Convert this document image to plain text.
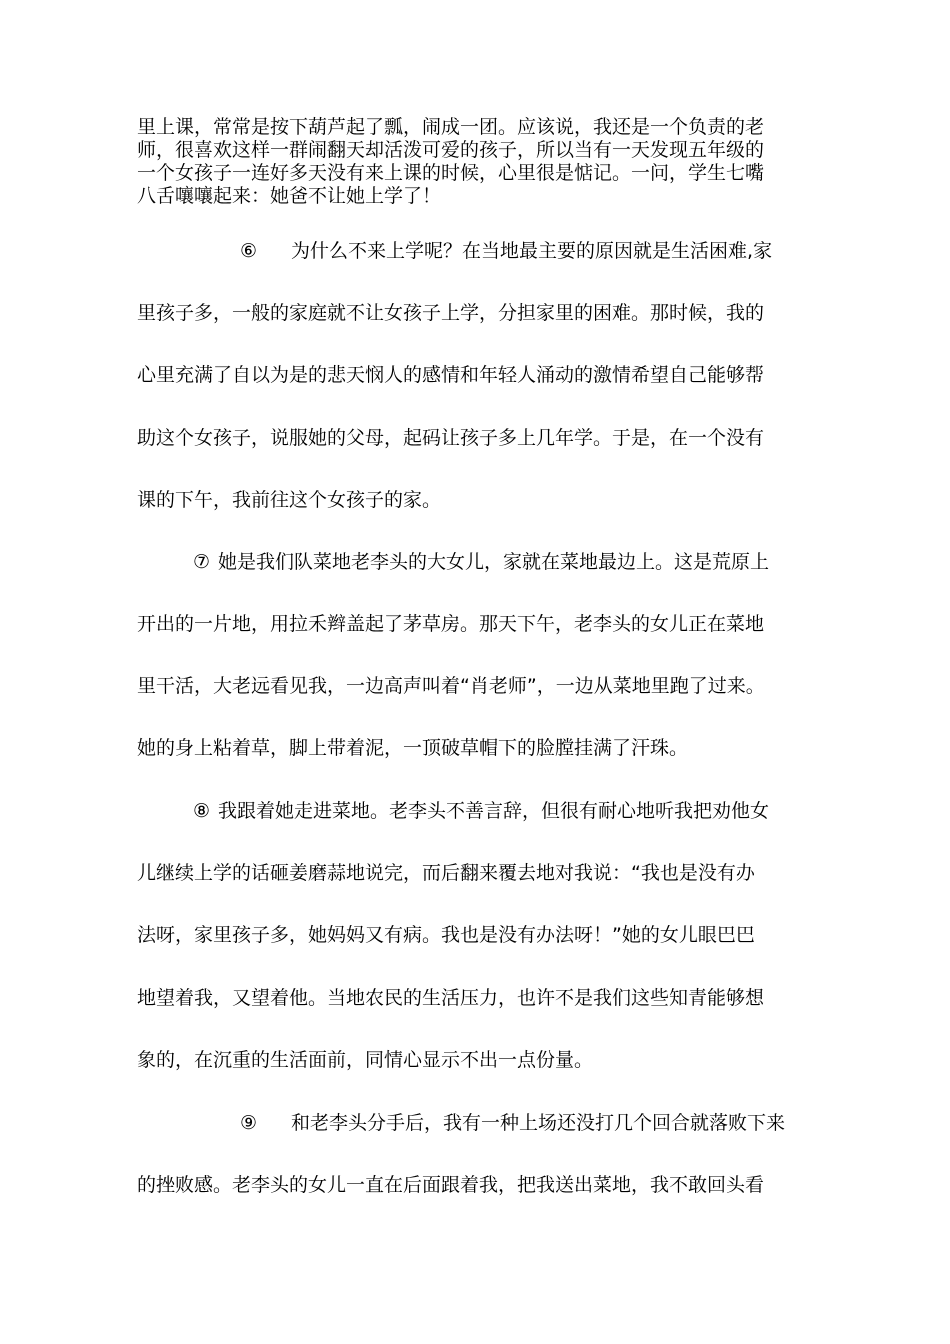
里上课，常常是按下葫芦起了瓢，闹成一团。应该说，我还是一个负责的老
师，很喜欢这样一群闹翻天却活泼可爱的孩子，所以当有一天发现五年级的
一个女孩子一连好多天没有来上课的时候，心里很是惦记。一问，学生七嘴
八舌嚷嚷起来：她爸不让她上学了！
⑥ 为什么不来上学呢？在当地最主要的原因就是生活困难,家
里孩子多，一般的家庭就不让女孩子上学，分担家里的困难。那时候，我的
心里充满了自以为是的悲天悯人的感情和年轻人涌动的激情希望自己能够帮
助这个女孩子，说服她的父母，起码让孩子多上几年学。于是，在一个没有
课的下午，我前往这个女孩子的家。
⑦ 她是我们队菜地老李头的大女儿，家就在菜地最边上。这是荒原上
开出的一片地，用拉禾辫盖起了茅草房。那天下午，老李头的女儿正在菜地
里干活，大老远看见我，一边高声叫着“肖老师”，一边从菜地里跑了过来。
她的身上粘着草，脚上带着泥，一顶破草帽下的脸膛挂满了汗珠。
⑧ 我跟着她走进菜地。老李头不善言辞，但很有耐心地听我把劝他女
儿继续上学的话砸姜磨蒜地说完，而后翻来覆去地对我说：“我也是没有办
法呀，家里孩子多，她妈妈又有病。我也是没有办法呀！”她的女儿眼巴巴
地望着我，又望着他。当地农民的生活压力，也许不是我们这些知青能够想
象的，在沉重的生活面前，同情心显示不出一点份量。
⑨ 和老李头分手后，我有一种上场还没打几个回合就落败下来
的挫败感。老李头的女儿一直在后面跟着我，把我送出菜地，我不敢回头看
